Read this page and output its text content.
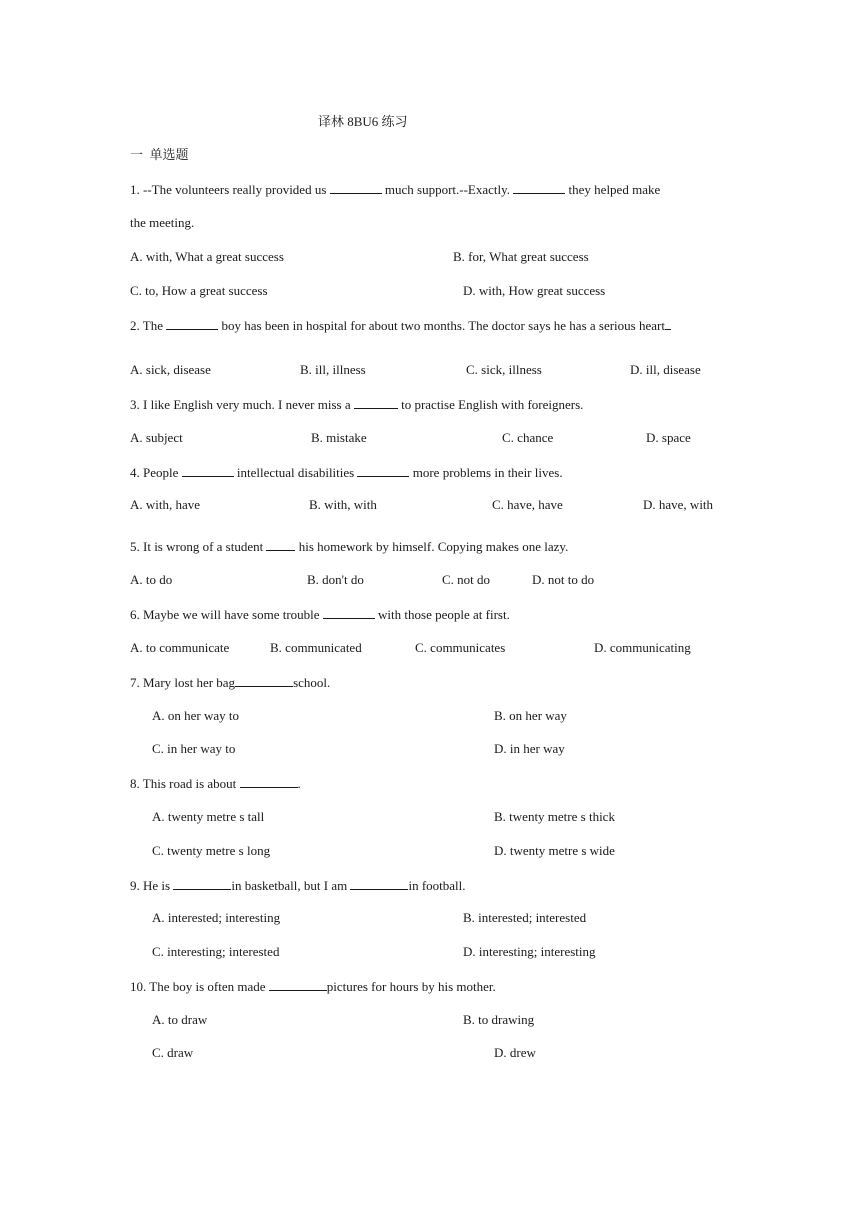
译林 8BU6 练习
一  单选题
1. --The volunteers really provided us	much support.--Exactly.	they helped make
the meeting.
A. with, What a great success	B. for, What great success
C. to, How a great success	D. with, How great success
2. The	boy has been in hospital for about two months. The doctor says he has a serious heart
A. sick, disease	B. ill, illness	C. sick, illness	D. ill, disease
3. I like English very much. I never miss a	to practise English with foreigners.
A. subject	B. mistake	C. chance	D. space
4. People	intellectual disabilities	more problems in their lives.
A. with, have	B. with, with	C. have, have	D. have, with
5. It is wrong of a student  his homework by himself. Copying makes one lazy.
A. to do	B. don't do	C. not do	D. not to do
6. Maybe we will have some trouble	with those people at first.
A. to communicate	B. communicated	C. communicates	D. communicating
7. Mary lost her bag	school.
A. on her way to	B. on her way
C. in her way to	D. in her way
8. This road is about	.
A. twenty metre s tall	B. twenty metre s thick
C. twenty metre s long	D. twenty metre s wide
9. He is	in basketball, but I am	in football.
A. interested; interesting	B. interested; interested
C. interesting; interested	D. interesting; interesting
10. The boy is often made	pictures for hours by his mother.
A. to draw	B. to drawing
C. draw	D. drew
